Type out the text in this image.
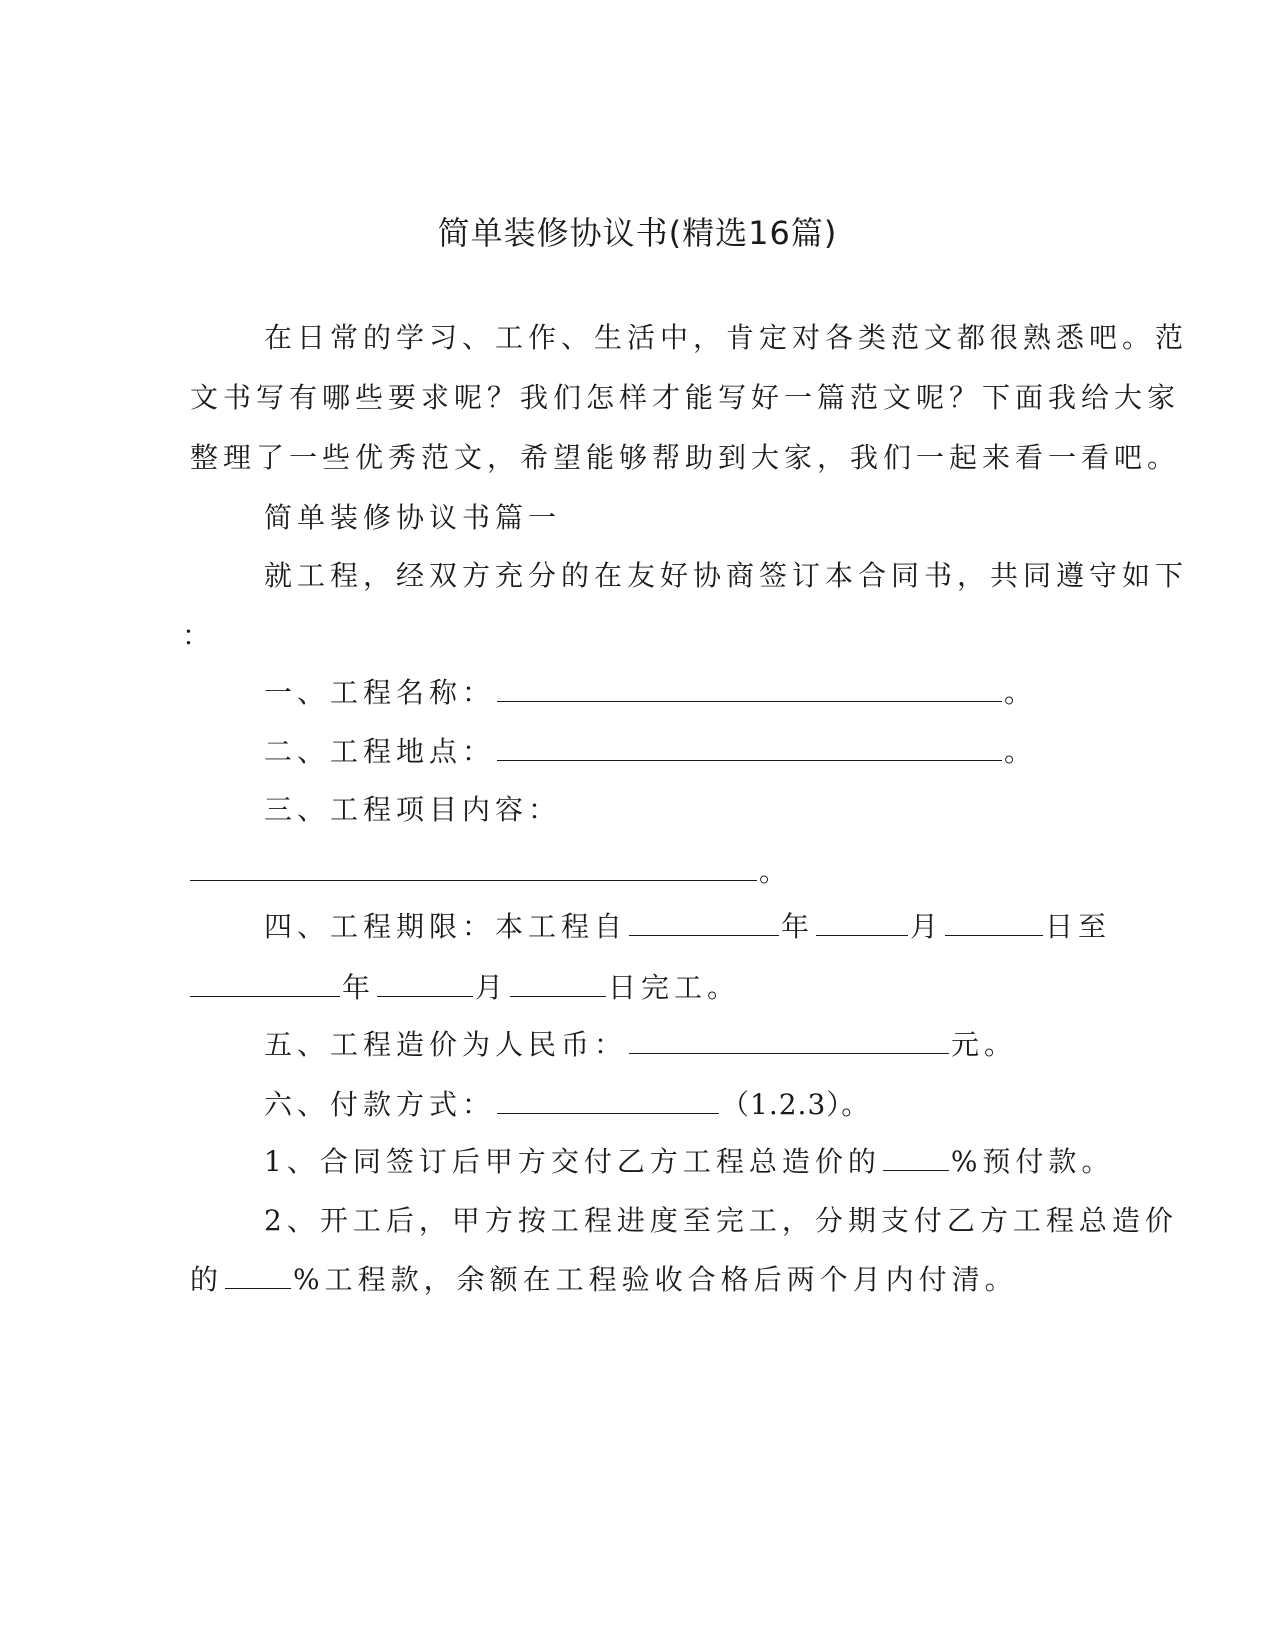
简单装修协议书(精选16篇)
在日常的学习、工作、生活中，肯定对各类范文都很熟悉吧。范
文书写有哪些要求呢？我们怎样才能写好一篇范文呢？下面我给大家
整理了一些优秀范文，希望能够帮助到大家，我们一起来看一看吧。
简单装修协议书篇一
就工程，经双方充分的在友好协商签订本合同书，共同遵守如下
：
一、工程名称：	。
二、工程地点：	。
三、工程项目内容：
。
四、工程期限：本工程自	年	月	日至
年	月	日完工。
五、工程造价为人民币：	元。
六、付款方式：	（1.2.3）。
1、合同签订后甲方交付乙方工程总造价的	%预付款。
2、开工后，甲方按工程进度至完工，分期支付乙方工程总造价
的	%工程款，余额在工程验收合格后两个月内付清。
